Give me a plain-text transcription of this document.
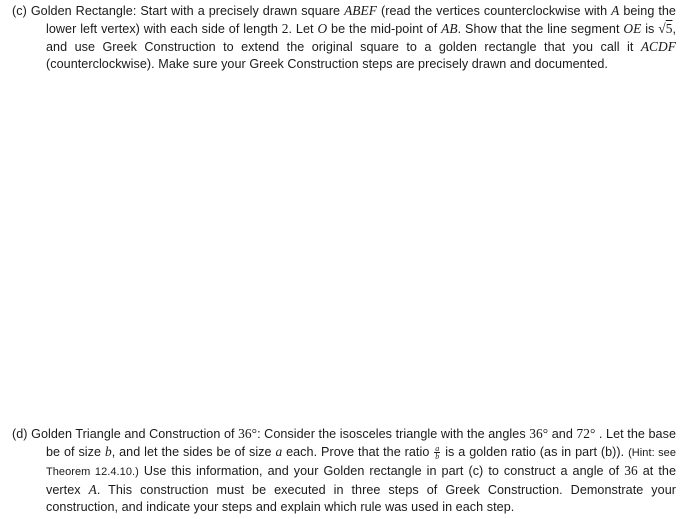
(c) Golden Rectangle: Start with a precisely drawn square ABEF (read the vertices counterclockwise with A being the lower left vertex) with each side of length 2. Let O be the mid-point of AB. Show that the line segment OE is √5, and use Greek Construction to extend the original square to a golden rectangle that you call it ACDF (counterclockwise). Make sure your Greek Construction steps are precisely drawn and documented.
(d) Golden Triangle and Construction of 36°: Consider the isosceles triangle with the angles 36° and 72° . Let the base be of size b, and let the sides be of size a each. Prove that the ratio $\frac{a}{b}$ is a golden ratio (as in part (b)). (Hint: see Theorem 12.4.10.) Use this information, and your Golden rectangle in part (c) to construct a angle of 36 at the vertex A. This construction must be executed in three steps of Greek Construction. Demonstrate your construction, and indicate your steps and explain which rule was used in each step.
